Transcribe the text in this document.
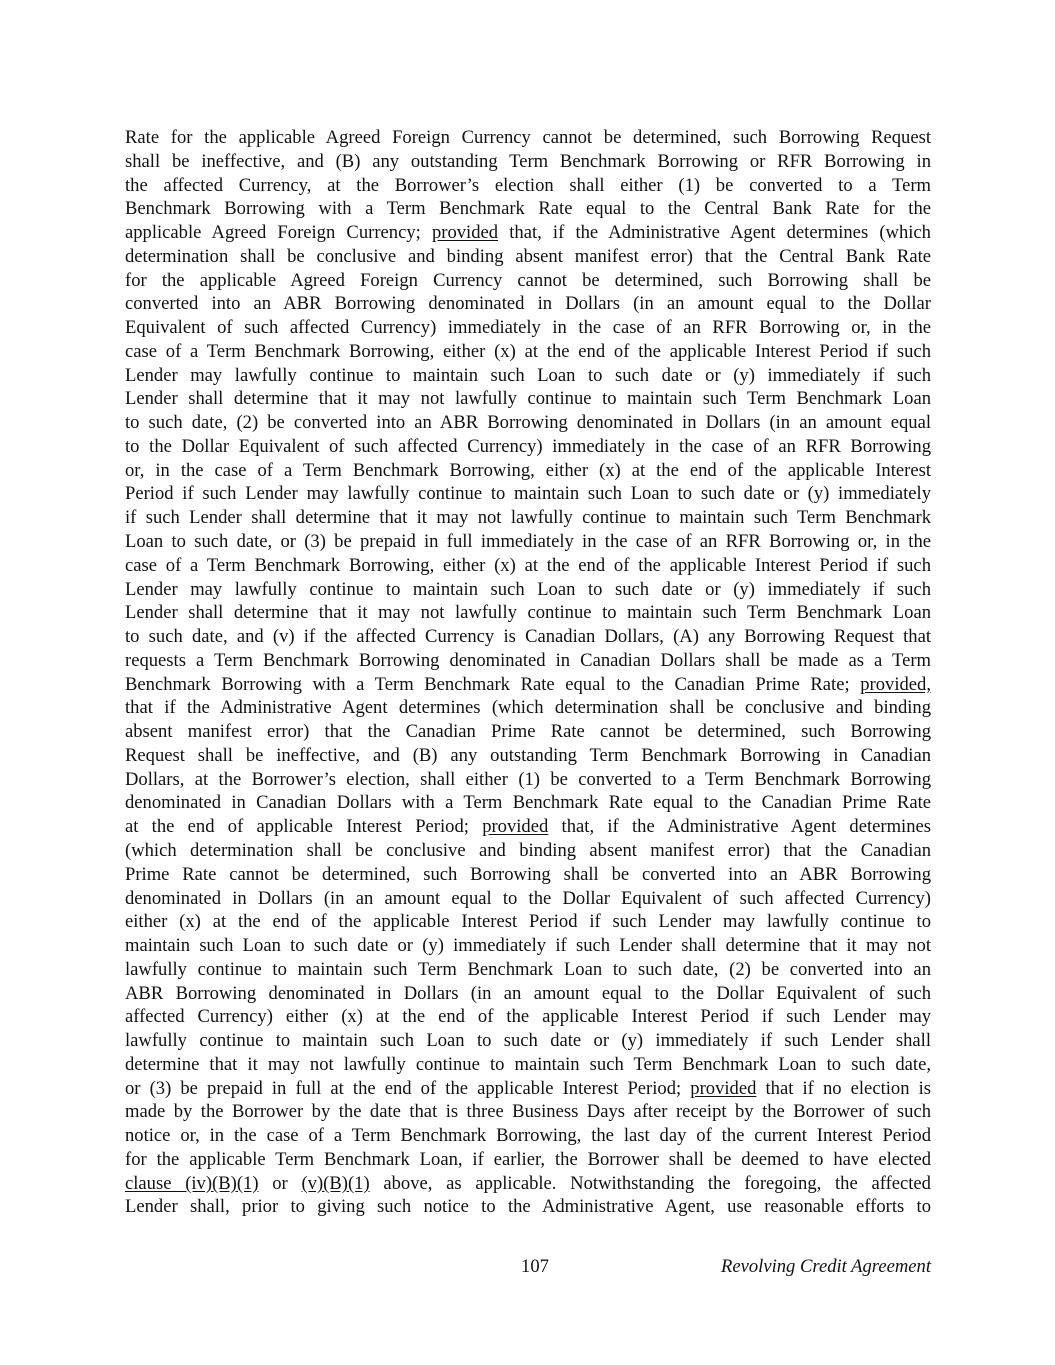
Rate for the applicable Agreed Foreign Currency cannot be determined, such Borrowing Request
shall be ineffective, and (B) any outstanding Term Benchmark Borrowing or RFR Borrowing in
the affected Currency, at the Borrower’s election shall either (1) be converted to a Term
Benchmark Borrowing with a Term Benchmark Rate equal to the Central Bank Rate for the
applicable Agreed Foreign Currency; provided that, if the Administrative Agent determines (which
determination shall be conclusive and binding absent manifest error) that the Central Bank Rate
for the applicable Agreed Foreign Currency cannot be determined, such Borrowing shall be
converted into an ABR Borrowing denominated in Dollars (in an amount equal to the Dollar
Equivalent of such affected Currency) immediately in the case of an RFR Borrowing or, in the
case of a Term Benchmark Borrowing, either (x) at the end of the applicable Interest Period if such
Lender may lawfully continue to maintain such Loan to such date or (y) immediately if such
Lender shall determine that it may not lawfully continue to maintain such Term Benchmark Loan
to such date, (2) be converted into an ABR Borrowing denominated in Dollars (in an amount equal
to the Dollar Equivalent of such affected Currency) immediately in the case of an RFR Borrowing
or, in the case of a Term Benchmark Borrowing, either (x) at the end of the applicable Interest
Period if such Lender may lawfully continue to maintain such Loan to such date or (y) immediately
if such Lender shall determine that it may not lawfully continue to maintain such Term Benchmark
Loan to such date, or (3) be prepaid in full immediately in the case of an RFR Borrowing or, in the
case of a Term Benchmark Borrowing, either (x) at the end of the applicable Interest Period if such
Lender may lawfully continue to maintain such Loan to such date or (y) immediately if such
Lender shall determine that it may not lawfully continue to maintain such Term Benchmark Loan
to such date, and (v) if the affected Currency is Canadian Dollars, (A) any Borrowing Request that
requests a Term Benchmark Borrowing denominated in Canadian Dollars shall be made as a Term
Benchmark Borrowing with a Term Benchmark Rate equal to the Canadian Prime Rate; provided,
that if the Administrative Agent determines (which determination shall be conclusive and binding
absent manifest error) that the Canadian Prime Rate cannot be determined, such Borrowing
Request shall be ineffective, and (B) any outstanding Term Benchmark Borrowing in Canadian
Dollars, at the Borrower’s election, shall either (1) be converted to a Term Benchmark Borrowing
denominated in Canadian Dollars with a Term Benchmark Rate equal to the Canadian Prime Rate
at the end of applicable Interest Period; provided that, if the Administrative Agent determines
(which determination shall be conclusive and binding absent manifest error) that the Canadian
Prime Rate cannot be determined, such Borrowing shall be converted into an ABR Borrowing
denominated in Dollars (in an amount equal to the Dollar Equivalent of such affected Currency)
either (x) at the end of the applicable Interest Period if such Lender may lawfully continue to
maintain such Loan to such date or (y) immediately if such Lender shall determine that it may not
lawfully continue to maintain such Term Benchmark Loan to such date, (2) be converted into an
ABR Borrowing denominated in Dollars (in an amount equal to the Dollar Equivalent of such
affected Currency) either (x) at the end of the applicable Interest Period if such Lender may
lawfully continue to maintain such Loan to such date or (y) immediately if such Lender shall
determine that it may not lawfully continue to maintain such Term Benchmark Loan to such date,
or (3) be prepaid in full at the end of the applicable Interest Period; provided that if no election is
made by the Borrower by the date that is three Business Days after receipt by the Borrower of such
notice or, in the case of a Term Benchmark Borrowing, the last day of the current Interest Period
for the applicable Term Benchmark Loan, if earlier, the Borrower shall be deemed to have elected
clause (iv)(B)(1) or (v)(B)(1) above, as applicable. Notwithstanding the foregoing, the affected
Lender shall, prior to giving such notice to the Administrative Agent, use reasonable efforts to
107	Revolving Credit Agreement
